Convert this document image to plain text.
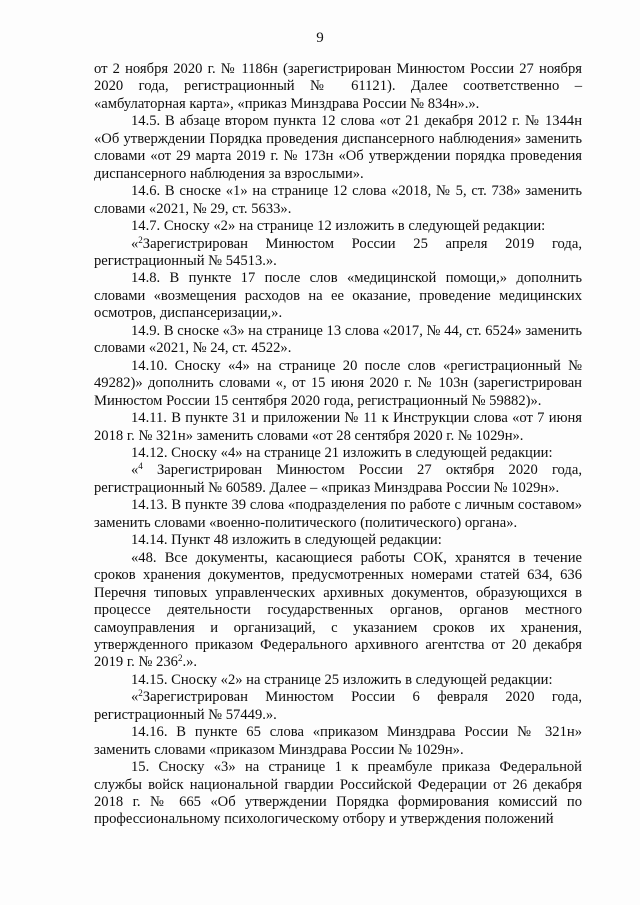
9

от 2 ноября 2020 г. № 1186н (зарегистрирован Минюстом России 27 ноября 2020 года, регистрационный № 61121). Далее соответственно – «амбулаторная карта», «приказ Минздрава России № 834н».».

14.5. В абзаце втором пункта 12 слова «от 21 декабря 2012 г. № 1344н «Об утверждении Порядка проведения диспансерного наблюдения» заменить словами «от 29 марта 2019 г. № 173н «Об утверждении порядка проведения диспансерного наблюдения за взрослыми».

14.6. В сноске «1» на странице 12 слова «2018, № 5, ст. 738» заменить словами «2021, № 29, ст. 5633».

14.7. Сноску «2» на странице 12 изложить в следующей редакции:

«$^2$Зарегистрирован Минюстом России 25 апреля 2019 года, регистрационный № 54513.».

14.8. В пункте 17 после слов «медицинской помощи,» дополнить словами «возмещения расходов на ее оказание, проведение медицинских осмотров, диспансеризации,».

14.9. В сноске «3» на странице 13 слова «2017, № 44, ст. 6524» заменить словами «2021, № 24, ст. 4522».

14.10. Сноску «4» на странице 20 после слов «регистрационный № 49282)» дополнить словами «, от 15 июня 2020 г. № 103н (зарегистрирован Минюстом России 15 сентября 2020 года, регистрационный № 59882)».

14.11. В пункте 31 и приложении № 11 к Инструкции слова «от 7 июня 2018 г. № 321н» заменить словами «от 28 сентября 2020 г. № 1029н».

14.12. Сноску «4» на странице 21 изложить в следующей редакции:

«$^4$ Зарегистрирован Минюстом России 27 октября 2020 года, регистрационный № 60589. Далее – «приказ Минздрава России № 1029н».

14.13. В пункте 39 слова «подразделения по работе с личным составом» заменить словами «военно-политического (политического) органа».

14.14. Пункт 48 изложить в следующей редакции:

«48. Все документы, касающиеся работы СОК, хранятся в течение сроков хранения документов, предусмотренных номерами статей 634, 636 Перечня типовых управленческих архивных документов, образующихся в процессе деятельности государственных органов, органов местного самоуправления и организаций, с указанием сроков их хранения, утвержденного приказом Федерального архивного агентства от 20 декабря 2019 г. № $236^2$.».

14.15. Сноску «2» на странице 25 изложить в следующей редакции:

«$^2$Зарегистрирован Минюстом России 6 февраля 2020 года, регистрационный № 57449.».

14.16. В пункте 65 слова «приказом Минздрава России № 321н» заменить словами «приказом Минздрава России № 1029н».

15. Сноску «3» на странице 1 к преамбуле приказа Федеральной службы войск национальной гвардии Российской Федерации от 26 декабря 2018 г. № 665 «Об утверждении Порядка формирования комиссий по профессиональному психологическому отбору и утверждения положений
